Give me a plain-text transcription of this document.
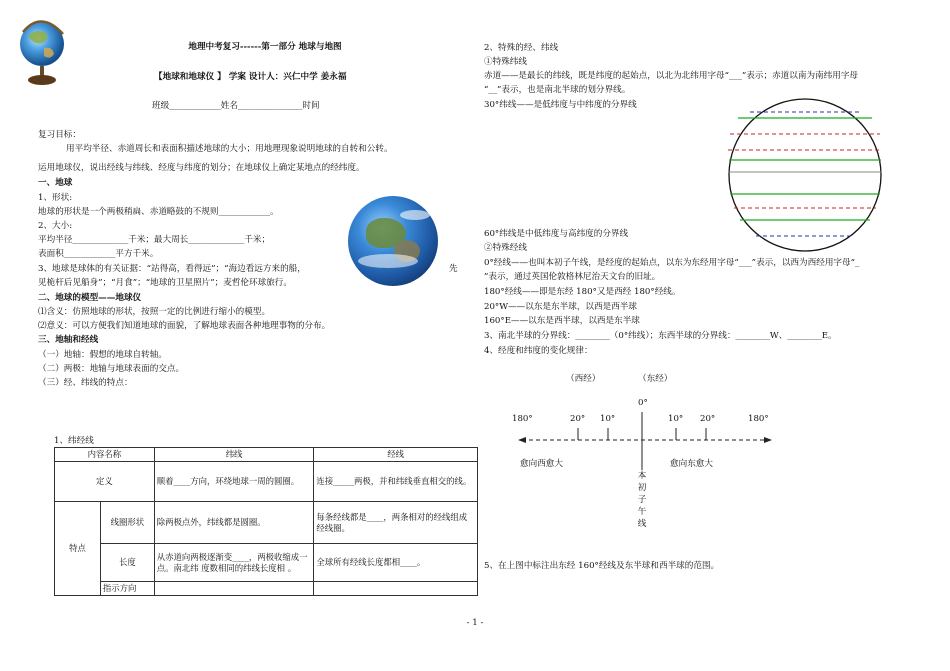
地理中考复习------第一部分 地球与地图
【地球和地球仪 】 学案 设计人：兴仁中学 姜永福
班级____________姓名_______________时间
复习目标：
用平均半径、赤道周长和表面积描述地球的大小；用地理现象说明地球的自转和公转。
运用地球仪，说出经线与纬线、经度与纬度的划分；在地球仪上确定某地点的经纬度。
一、地球
1、形状:
地球的形状是一个两极稍扁、赤道略鼓的不规则____________。
2、大小:
平均半径_____________千米；最大周长_____________千米；
表面积____________平方千米。
3、地球是球体的有关证据：“站得高，看得远”；“海边看远方来的船，	先
见桅杆后见船身”；“月食”；“地球的卫星照片”；麦哲伦环球旅行。
二、地球的模型——地球仪
⑴含义：仿照地球的形状，按照一定的比例进行缩小的模型。
⑵意义：可以方便我们知道地球的面貌，了解地球表面各种地理事物的分布。
三、地轴和经线
（一）地轴：假想的地球自转轴。
（二）两极：地轴与地球表面的交点。
（三）经、纬线的特点：
1、纬经线
内容名称		纬线	经线
定义		顺着____方向，环绕地球一周的圆圈。	连接_____两极，并和纬线垂直相交的线。
特点	线圈形状	除两极点外，纬线都是圆圈。	每条经线都是____，两条相对的经线组成经线圈。
	长度	从赤道向两极逐渐变____，两极收缩成一点。南北纬 度数相同的纬线长度相 。	全球所有经线长度都相____。
	指示方向		
2、特殊的经、纬线
①特殊纬线
赤道——是最长的纬线，既是纬度的起始点，以北为北纬用字母“___”表示；赤道以南为南纬用字母
“__”表示，也是南北半球的划分界线。
30°纬线——是低纬度与中纬度的分界线
60°纬线是中低纬度与高纬度的分界线
②特殊经线
0°经线——也叫本初子午线，是经度的起始点，以东为东经用字母“___”表示，以西为西经用字母“_
”表示，通过英国伦敦格林尼治天文台的旧址。
180°经线——即是东经 180°又是西经 180°经线。
20°W——以东是东半球，以西是西半球
160°E——以东是西半球，以西是东半球
3、南北半球的分界线：________（0°纬线）；东西半球的分界线：________W、________E。
4、经度和纬度的变化规律：
（西经）	（东经）
180°	20° 10°
0°
10° 20°	180°
愈向西愈大	愈向东愈大
本
初
子
午
线
5、在上图中标注出东经 160°经线及东半球和西半球的范围。
- 1 -
